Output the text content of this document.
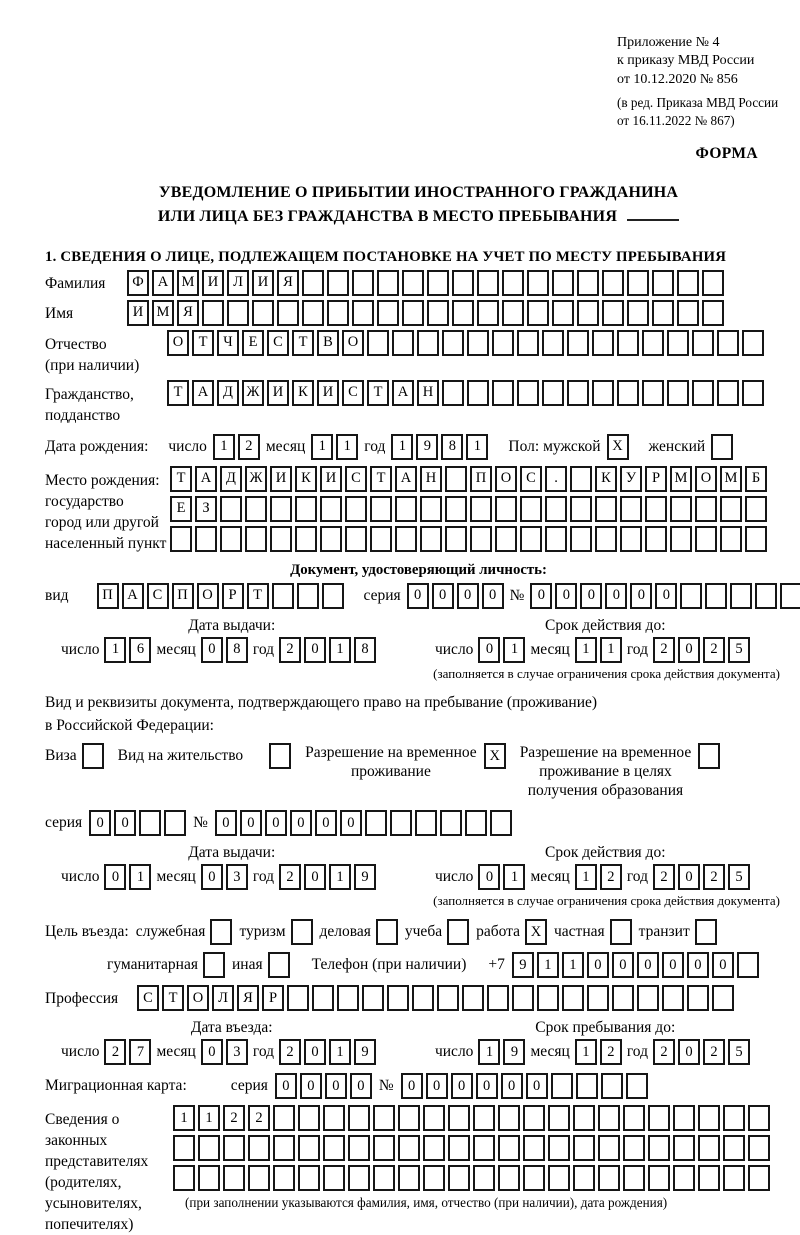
Приложение № 4
к приказу МВД России
от 10.12.2020 № 856
(в ред. Приказа МВД России
от 16.11.2022 № 867)
ФОРМА
УВЕДОМЛЕНИЕ О ПРИБЫТИИ ИНОСТРАННОГО ГРАЖДАНИНА
ИЛИ ЛИЦА БЕЗ ГРАЖДАНСТВА В МЕСТО ПРЕБЫВАНИЯ
1. СВЕДЕНИЯ О ЛИЦЕ, ПОДЛЕЖАЩЕМ ПОСТАНОВКЕ НА УЧЕТ ПО МЕСТУ ПРЕБЫВАНИЯ
Фамилия	Ф А М И	Л	И	Я
Имя	И М Я
Отчество
(при наличии)
О	Т	Ч	Е	С	Т	В	О
Гражданство,
подданство
Т	А	Д Ж И	К	И	С	Т	А	Н
Дата рождения: число 1	2 месяц 1	1 год 1	9	8	1	Пол: мужской X	женский
Место рождения:
государство
город или другой
населенный пункт
Т	А	Д Ж И	К	И	С	Т	А	Н	П	О	С	.	К	У	Р	М О М Б
Е	З
Документ, удостоверяющий личность:
вид	П	А	С	П	О	Р	Т	серия 0	0	0	0 № 0	0	0	0	0	0
Дата выдачи:	Срок действия до:
число 1	6 месяц 0	8 год 2	0	1	8	число 0	1 месяц 1	1 год 2	0	2	5
(заполняется в случае ограничения срока действия документа)
Вид и реквизиты документа, подтверждающего право на пребывание (проживание)
в Российской Федерации:
Виза	Вид на жительство	Разрешение на временное
проживание
X	Разрешение на временное
проживание в целях
получения образования
серия 0	0	№ 0	0	0	0	0	0
Дата выдачи:	Срок действия до:
число 0	1 месяц 0	3 год 2	0	1	9	число 0	1 месяц 1	2 год 2	0	2	5
(заполняется в случае ограничения срока действия документа)
Цель въезда: служебная туризм деловая учеба работа X частная транзит
гуманитарная иная	Телефон (при наличии) +7 9	1	1	0	0	0	0	0	0
Профессия	С	Т	О	Л	Я	Р
Дата въезда:	Срок пребывания до:
число 2	7 месяц 0	3 год 2	0	1	9	число 1	9 месяц 1	2 год 2	0	2	5
Миграционная карта:	серия 0	0	0	0 № 0	0	0	0	0	0
Сведения о
законных
представителях
(родителях,
усыновителях,
попечителях)
1	1	2	2
(при заполнении указываются фамилия, имя, отчество (при наличии), дата рождения)
